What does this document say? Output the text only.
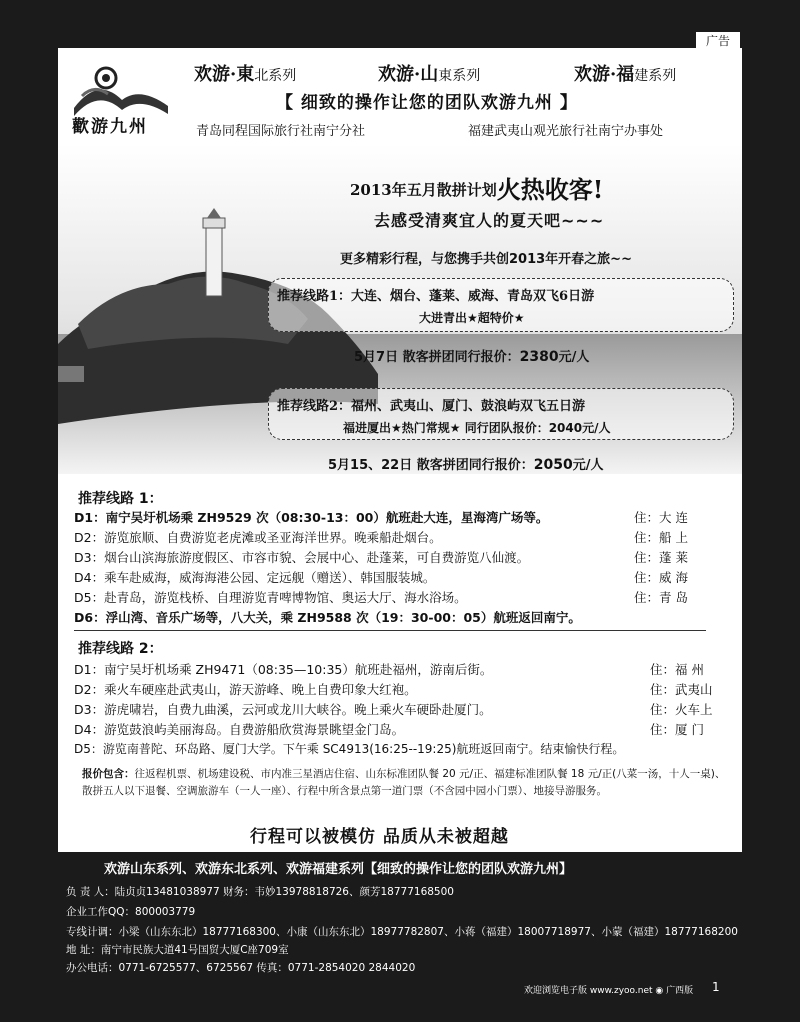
广告
歡游九州
欢游·東北系列	欢游·山東系列	欢游·福建系列
【 细致的操作让您的团队欢游九州 】
青岛同程国际旅行社南宁分社	福建武夷山观光旅行社南宁办事处
2013年五月散拼计划火热收客!
去感受清爽宜人的夏天吧~~~
更多精彩行程，与您携手共创2013年开春之旅~~
推荐线路1：大连、烟台、蓬莱、威海、青岛双飞6日游
大进青出★超特价★
5月7日 散客拼团同行报价：2380元/人
推荐线路2：福州、武夷山、厦门、鼓浪屿双飞五日游
福进厦出★热门常规★ 同行团队报价：2040元/人
5月15、22日 散客拼团同行报价：2050元/人
推荐线路 1：
D1：南宁吴圩机场乘 ZH9529 次（08:30-13：00）航班赴大连，星海湾广场等。	住：大 连
D2：游览旅顺、自费游览老虎滩或圣亚海洋世界。晚乘船赴烟台。	住：船 上
D3：烟台山滨海旅游度假区、市容市貌、会展中心、赴蓬莱，可自费游览八仙渡。	住：蓬 莱
D4：乘车赴威海，威海海港公园、定远舰（赠送）、韩国服装城。	住：威 海
D5：赴青岛，游览栈桥、自理游览青啤博物馆、奥运大厅、海水浴场。	住：青 岛
D6：浮山湾、音乐广场等，八大关，乘 ZH9588 次（19：30-00：05）航班返回南宁。
推荐线路 2：
D1：南宁吴圩机场乘 ZH9471（08:35—10:35）航班赴福州，游南后街。	住：福 州
D2：乘火车硬座赴武夷山，游天游峰、晚上自费印象大红袍。	住：武夷山
D3：游虎啸岩，自费九曲溪，云河或龙川大峡谷。晚上乘火车硬卧赴厦门。	住：火车上
D4：游览鼓浪屿美丽海岛。自费游船欣赏海景眺望金门岛。	住：厦 门
D5：游览南普陀、环岛路、厦门大学。下午乘 SC4913(16:25--19:25)航班返回南宁。结束愉快行程。
报价包含：往返程机票、机场建设税、市内准三星酒店住宿、山东标准团队餐 20 元/正、福建标准团队餐 18 元/正(八菜一汤，十人一桌)、 散拼五人以下退餐、空调旅游车（一人一座）、行程中所含景点第一道门票（不含园中园小门票）、地接导游服务。
行程可以被模仿 品质从未被超越
欢游山东系列、欢游东北系列、欢游福建系列【细致的操作让您的团队欢游九州】
负 责 人：陆贞贞13481038977 财务：韦妙13978818726、颜芳18777168500
企业工作QQ：800003779
专线计调：小梁（山东东北）18777168300、小康（山东东北）18977782807、小蒋（福建）18007718977、小蒙（福建）18777168200
地 址：南宁市民族大道41号国贸大厦C座709室
办公电话：0771-6725577、6725567 传真：0771-2854020 2844020
欢迎浏览电子版 www.zyoo.net ◉ 广西版 1
